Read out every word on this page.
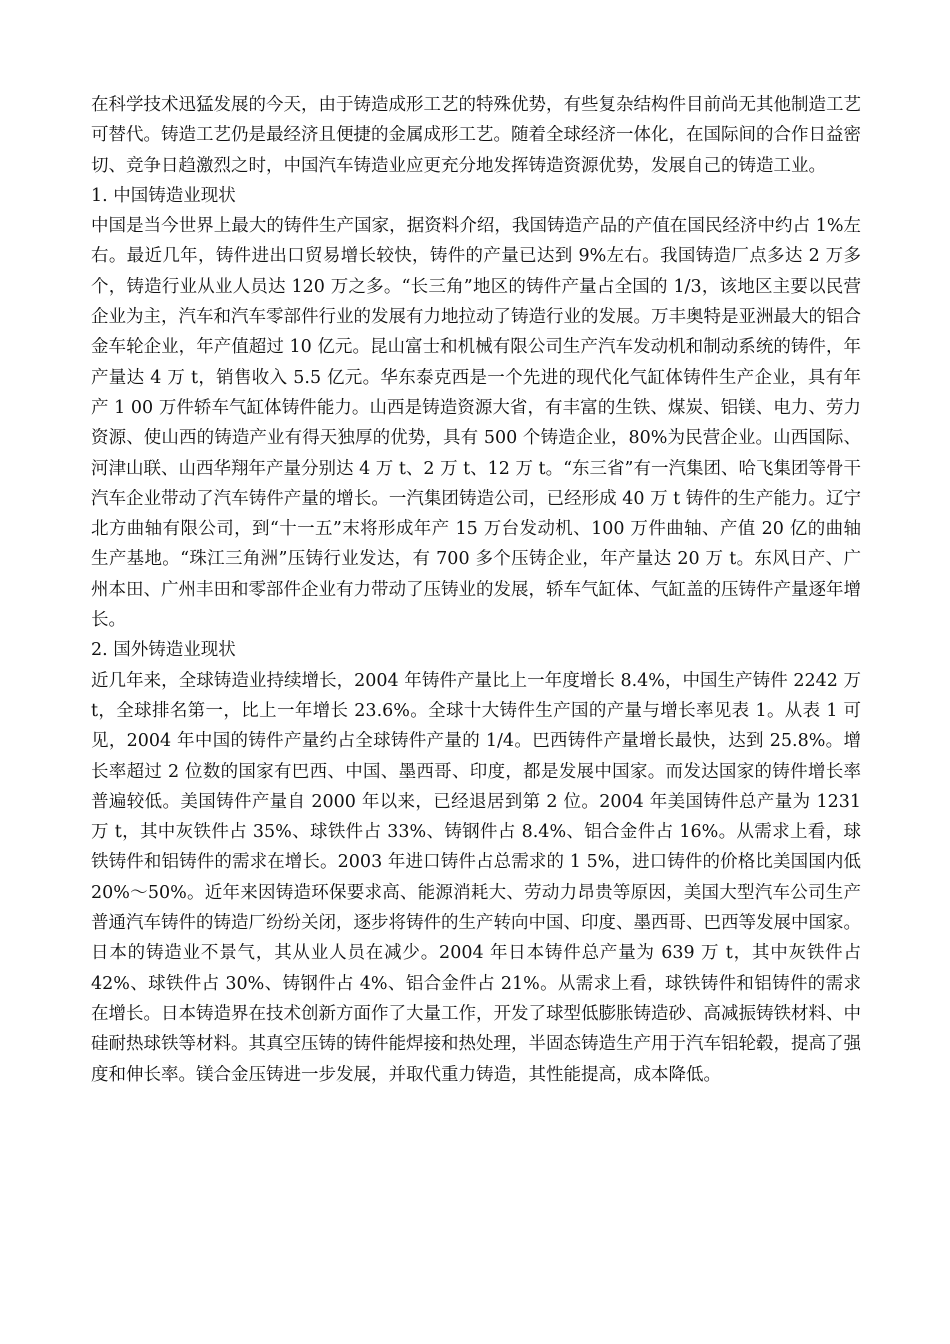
在科学技术迅猛发展的今天，由于铸造成形工艺的特殊优势，有些复杂结构件目前尚无其他制造工艺可替代。铸造工艺仍是最经济且便捷的金属成形工艺。随着全球经济一体化，在国际间的合作日益密切、竞争日趋激烈之时，中国汽车铸造业应更充分地发挥铸造资源优势，发展自己的铸造工业。

1. 中国铸造业现状

中国是当今世界上最大的铸件生产国家，据资料介绍，我国铸造产品的产值在国民经济中约占 1%左右。最近几年，铸件进出口贸易增长较快，铸件的产量已达到 9%左右。我国铸造厂点多达 2 万多个，铸造行业从业人员达 120 万之多。“长三角”地区的铸件产量占全国的 1/3，该地区主要以民营企业为主，汽车和汽车零部件行业的发展有力地拉动了铸造行业的发展。万丰奥特是亚洲最大的铝合金车轮企业，年产值超过 10 亿元。昆山富士和机械有限公司生产汽车发动机和制动系统的铸件，年产量达 4 万 t，销售收入 5.5 亿元。华东泰克西是一个先进的现代化气缸体铸件生产企业，具有年产 1 00 万件轿车气缸体铸件能力。山西是铸造资源大省，有丰富的生铁、煤炭、铝镁、电力、劳力资源、使山西的铸造产业有得天独厚的优势，具有 500 个铸造企业，80%为民营企业。山西国际、河津山联、山西华翔年产量分别达 4 万 t、2 万 t、12 万 t。“东三省”有一汽集团、哈飞集团等骨干汽车企业带动了汽车铸件产量的增长。一汽集团铸造公司，已经形成 40 万 t 铸件的生产能力。辽宁北方曲轴有限公司，到“十一五”末将形成年产 15 万台发动机、100 万件曲轴、产值 20 亿的曲轴生产基地。“珠江三角洲”压铸行业发达，有 700 多个压铸企业，年产量达 20 万 t。东风日产、广州本田、广州丰田和零部件企业有力带动了压铸业的发展，轿车气缸体、气缸盖的压铸件产量逐年增长。

2. 国外铸造业现状

近几年来，全球铸造业持续增长，2004 年铸件产量比上一年度增长 8.4%，中国生产铸件 2242 万 t，全球排名第一，比上一年增长 23.6%。全球十大铸件生产国的产量与增长率见表 1。从表 1 可见，2004 年中国的铸件产量约占全球铸件产量的 1/4。巴西铸件产量增长最快，达到 25.8%。增长率超过 2 位数的国家有巴西、中国、墨西哥、印度，都是发展中国家。而发达国家的铸件增长率普遍较低。美国铸件产量自 2000 年以来，已经退居到第 2 位。2004 年美国铸件总产量为 1231 万 t，其中灰铁件占 35%、球铁件占 33%、铸钢件占 8.4%、铝合金件占 16%。从需求上看，球铁铸件和铝铸件的需求在增长。2003 年进口铸件占总需求的 1 5%，进口铸件的价格比美国国内低 20%～50%。近年来因铸造环保要求高、能源消耗大、劳动力昂贵等原因，美国大型汽车公司生产普通汽车铸件的铸造厂纷纷关闭，逐步将铸件的生产转向中国、印度、墨西哥、巴西等发展中国家。日本的铸造业不景气，其从业人员在减少。2004 年日本铸件总产量为 639 万 t，其中灰铁件占 42%、球铁件占 30%、铸钢件占 4%、铝合金件占 21%。从需求上看，球铁铸件和铝铸件的需求在增长。日本铸造界在技术创新方面作了大量工作，开发了球型低膨胀铸造砂、高减振铸铁材料、中硅耐热球铁等材料。其真空压铸的铸件能焊接和热处理，半固态铸造生产用于汽车铝轮毂，提高了强度和伸长率。镁合金压铸进一步发展，并取代重力铸造，其性能提高，成本降低。
